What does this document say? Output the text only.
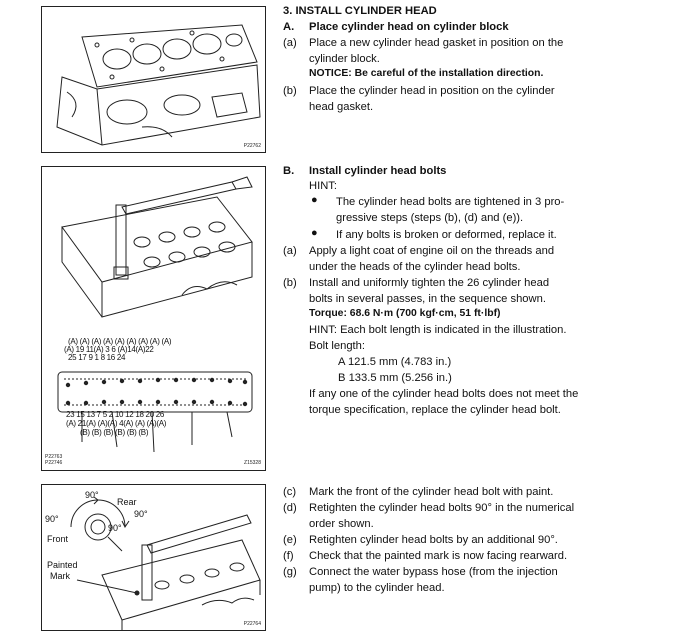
P22762
(A) (A) (A) (A) (A) (A) (A) (A) (A)
(A) 19 11(A) 3 6 (A)14(A)22
25 17 9 1 8 16 24
23 15 13 7 5 2 10 12 18 20 26
(A) 21(A) (A)(A) 4(A) (A) (A)(A)
(B) (B) (B) (B) (B) (B)
P22763
P22746	Z15328
90°
Rear
90°
90°
90°
Front
Painted
Mark
P22764
3. INSTALL CYLINDER HEAD
A. Place cylinder head on cylinder block
(a) Place a new cylinder head gasket in position on the
cylinder block.
NOTICE: Be careful of the installation direction.
(b) Place the cylinder head in position on the cylinder
head gasket.
B. Install cylinder head bolts
HINT:
● The cylinder head bolts are tightened in 3 pro-
gressive steps (steps (b), (d) and (e)).
● If any bolts is broken or deformed, replace it.
(a) Apply a light coat of engine oil on the threads and
under the heads of the cylinder head bolts.
(b) Install and uniformly tighten the 26 cylinder head
bolts in several passes, in the sequence shown.
Torque: 68.6 N·m (700 kgf·cm, 51 ft·lbf)
HINT: Each bolt length is indicated in the illustration.
Bolt length:
A 121.5 mm (4.783 in.)
B 133.5 mm (5.256 in.)
If any one of the cylinder head bolts does not meet the
torque specification, replace the cylinder head bolt.
(c) Mark the front of the cylinder head bolt with paint.
(d) Retighten the cylinder head bolts 90° in the numerical
order shown.
(e) Retighten cylinder head bolts by an additional 90°.
(f) Check that the painted mark is now facing rearward.
(g) Connect the water bypass hose (from the injection
pump) to the cylinder head.
